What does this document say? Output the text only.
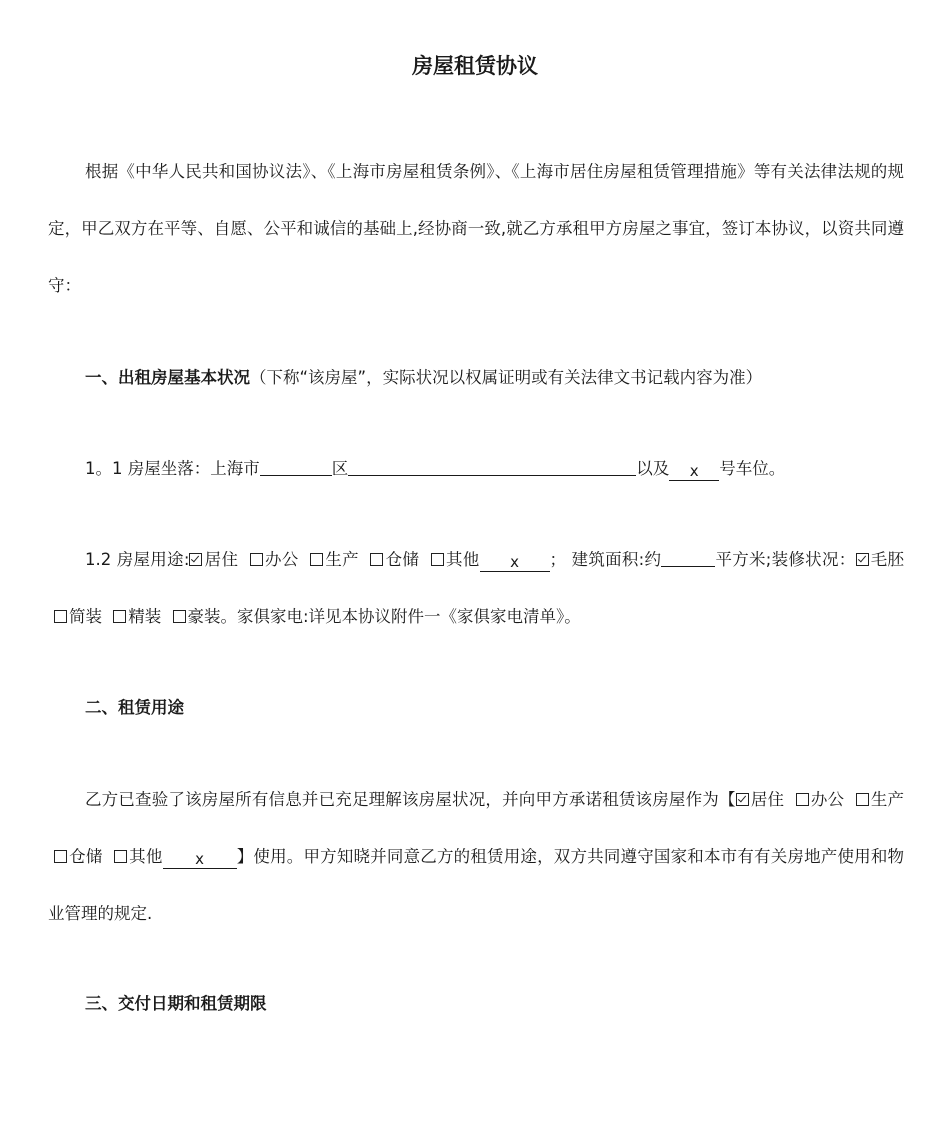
房屋租赁协议

根据《中华人民共和国协议法》、《上海市房屋租赁条例》、《上海市居住房屋租赁管理措施》等有关法律法规的规定，甲乙双方在平等、自愿、公平和诚信的基础上,经协商一致,就乙方承租甲方房屋之事宜，签订本协议，以资共同遵守：

一、出租房屋基本状况（下称“该房屋”，实际状况以权属证明或有关法律文书记载内容为准）

1。1 房屋坐落：上海市	区	以及 x 号车位。

1.2 房屋用途: 居住 办公 生产 仓储 其他 x ； 建筑面积:约	平方米;装修状况： 毛胚 简装 精装 豪装。家俱家电:详见本协议附件一《家俱家电清单》。

二、租赁用途

乙方已查验了该房屋所有信息并已充足理解该房屋状况，并向甲方承诺租赁该房屋作为【 居住 办公 生产 仓储 其他 x 】使用。甲方知晓并同意乙方的租赁用途，双方共同遵守国家和本市有有关房地产使用和物业管理的规定.

三、交付日期和租赁期限
